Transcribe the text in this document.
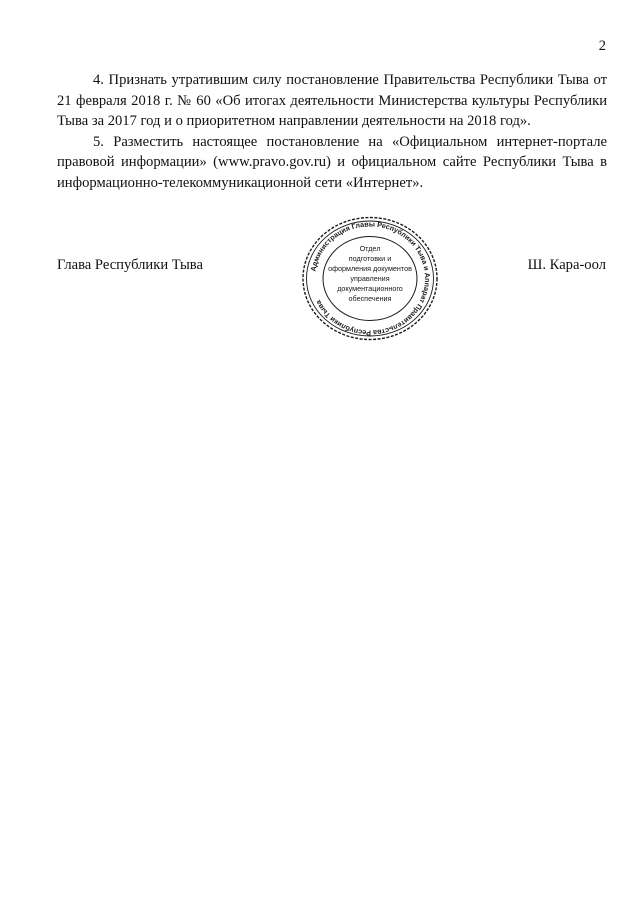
2

4. Признать утратившим силу постановление Правительства Республики Тыва от 21 февраля 2018 г. № 60 «Об итогах деятельности Министерства культуры Республики Тыва за 2017 год и о приоритетном направлении деятельности на 2018 год».

5. Разместить настоящее постановление на «Официальном интернет-портале правовой информации» (www.pravo.gov.ru) и официальном сайте Республики Тыва в информационно-телекоммуникационной сети «Интернет».

Глава Республики Тыва	Администрация Главы Республики Тыва и Аппарат Правительства Республики Тыва
Отдел
подготовки и
оформления документов
управления
документационного
обеспечения
Ш. Кара-оол
